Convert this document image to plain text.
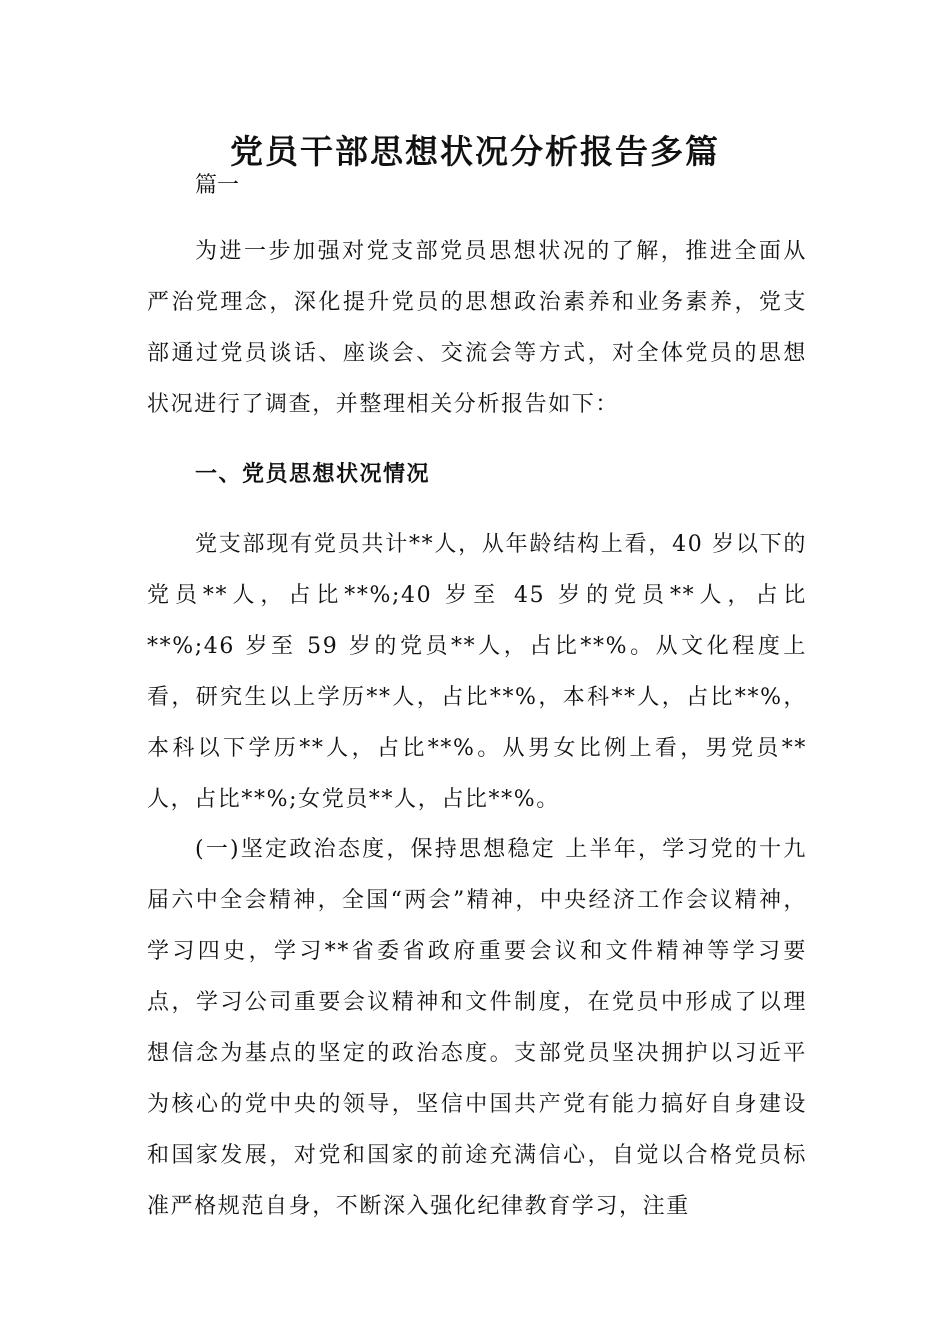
党员干部思想状况分析报告多篇
篇一

为进一步加强对党支部党员思想状况的了解，推进全面从严治党理念，深化提升党员的思想政治素养和业务素养，党支部通过党员谈话、座谈会、交流会等方式，对全体党员的思想状况进行了调查，并整理相关分析报告如下：

一、党员思想状况情况

党支部现有党员共计**人，从年龄结构上看，40 岁以下的党员**人，占比**%;40 岁至 45 岁的党员**人，占比**%;46 岁至 59 岁的党员**人，占比**%。从文化程度上看，研究生以上学历**人，占比**%，本科**人，占比**%，本科以下学历**人，占比**%。从男女比例上看，男党员**人，占比**%;女党员**人，占比**%。

(一)坚定政治态度，保持思想稳定 上半年，学习党的十九届六中全会精神，全国“两会”精神，中央经济工作会议精神，学习四史，学习**省委省政府重要会议和文件精神等学习要点，学习公司重要会议精神和文件制度，在党员中形成了以理想信念为基点的坚定的政治态度。支部党员坚决拥护以习近平为核心的党中央的领导，坚信中国共产党有能力搞好自身建设和国家发展，对党和国家的前途充满信心，自觉以合格党员标准严格规范自身，不断深入强化纪律教育学习，注重
